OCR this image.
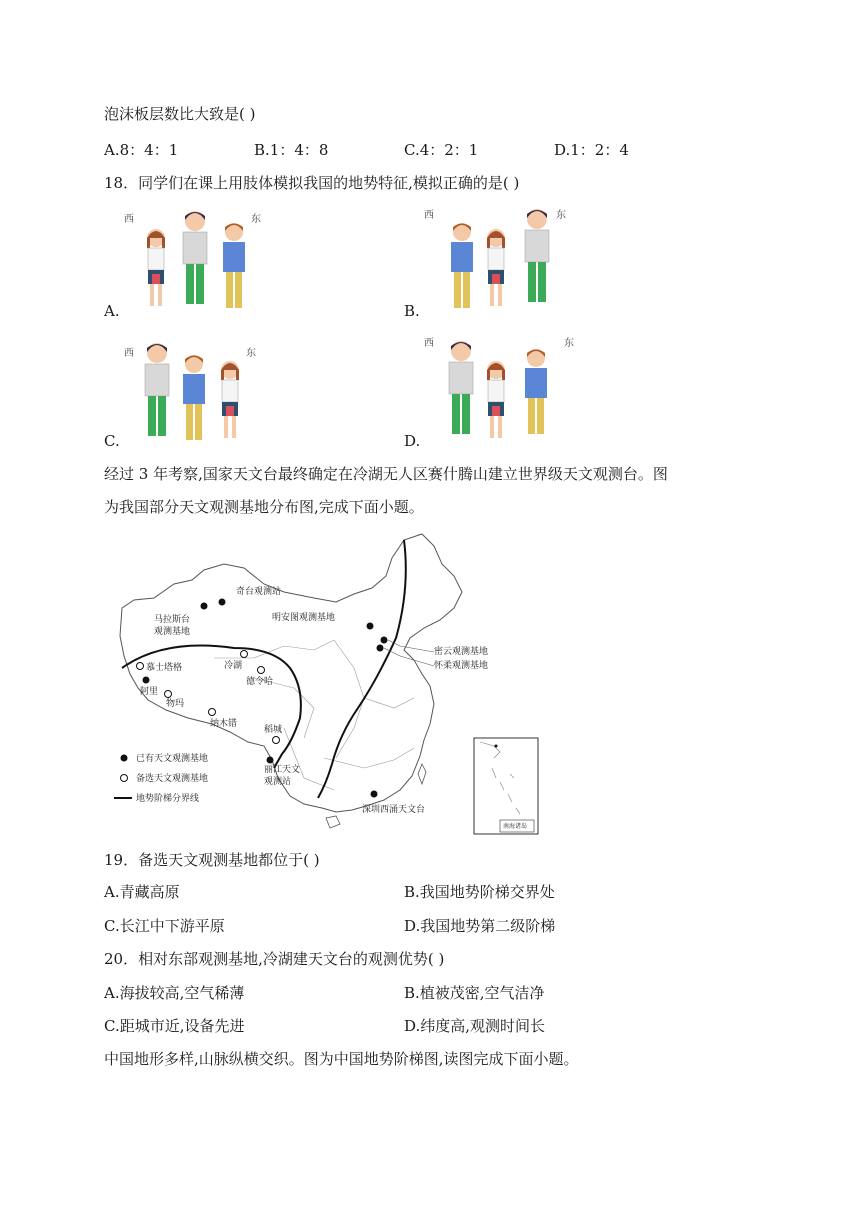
泡沫板层数比大致是( )
A.8：4：1	B.1：4：8	C.4：2：1	D.1：2：4
18．同学们在课上用肢体模拟我国的地势特征,模拟正确的是( )
西	东
A.
西	东
B.
西	东
C.
西	东
D.
经过 3 年考察,国家天文台最终确定在冷湖无人区赛什腾山建立世界级天文观测台。图
为我国部分天文观测基地分布图,完成下面小题。
奇台观测站
马拉斯台
观测基地
明安图观测基地
密云观测基地
怀柔观测基地
慕士塔格
阿里
物玛
冷湖
德令哈
纳木错
稻城
丽江天文
观测站
深圳西涌天文台
已有天文观测基地
备选天文观测基地
地势阶梯分界线
南海诸岛
19．备选天文观测基地都位于( )
A.青藏高原	B.我国地势阶梯交界处
C.长江中下游平原	D.我国地势第二级阶梯
20．相对东部观测基地,冷湖建天文台的观测优势( )
A.海拔较高,空气稀薄	B.植被茂密,空气洁净
C.距城市近,设备先进	D.纬度高,观测时间长
中国地形多样,山脉纵横交织。图为中国地势阶梯图,读图完成下面小题。
